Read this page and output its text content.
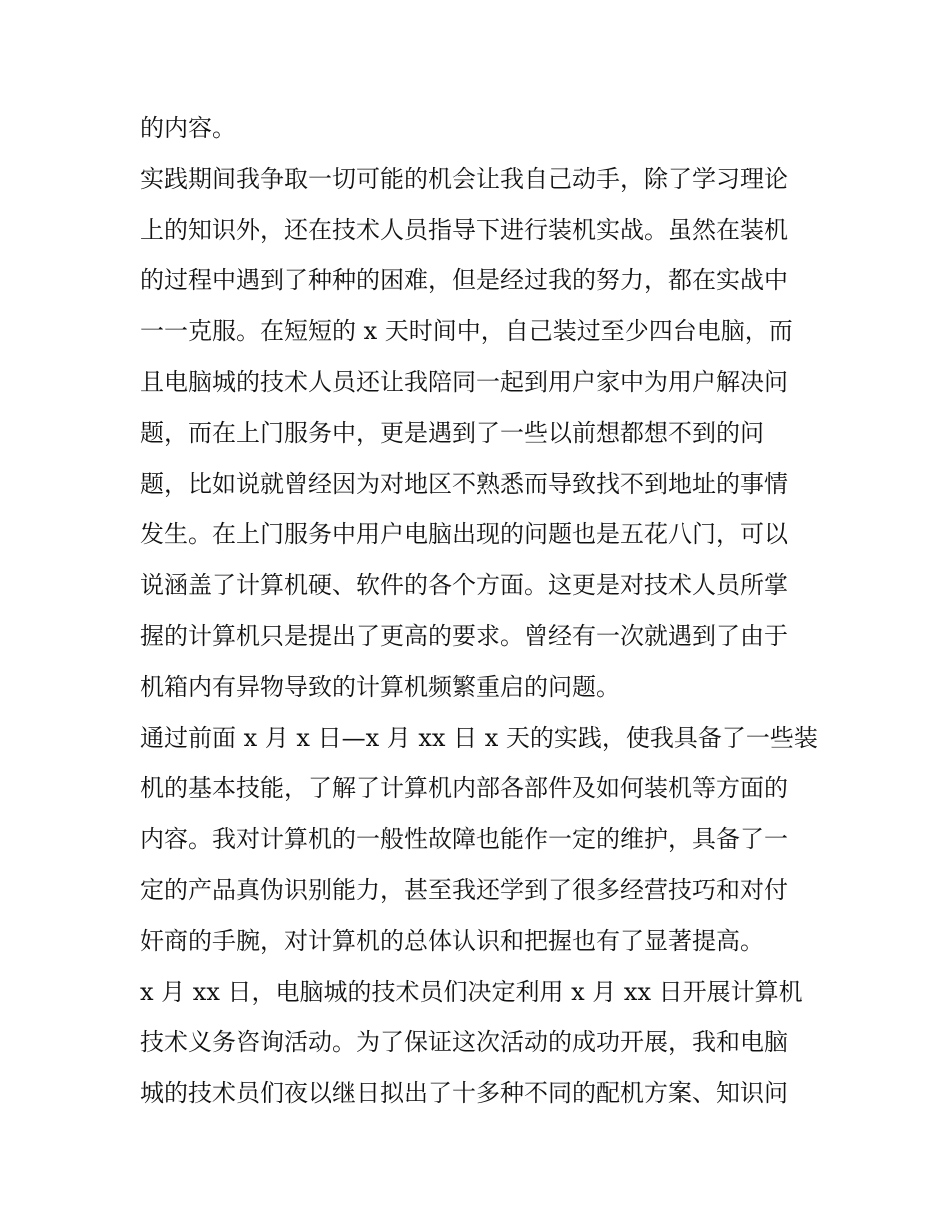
的内容。
实践期间我争取一切可能的机会让我自己动手，除了学习理论
上的知识外，还在技术人员指导下进行装机实战。虽然在装机
的过程中遇到了种种的困难，但是经过我的努力，都在实战中
一一克服。在短短的 x 天时间中，自己装过至少四台电脑，而
且电脑城的技术人员还让我陪同一起到用户家中为用户解决问
题，而在上门服务中，更是遇到了一些以前想都想不到的问
题，比如说就曾经因为对地区不熟悉而导致找不到地址的事情
发生。在上门服务中用户电脑出现的问题也是五花八门，可以
说涵盖了计算机硬、软件的各个方面。这更是对技术人员所掌
握的计算机只是提出了更高的要求。曾经有一次就遇到了由于
机箱内有异物导致的计算机频繁重启的问题。
通过前面 x 月 x 日—x 月 xx 日 x 天的实践，使我具备了一些装
机的基本技能，了解了计算机内部各部件及如何装机等方面的
内容。我对计算机的一般性故障也能作一定的维护，具备了一
定的产品真伪识别能力，甚至我还学到了很多经营技巧和对付
奸商的手腕，对计算机的总体认识和把握也有了显著提高。
x 月 xx 日，电脑城的技术员们决定利用 x 月 xx 日开展计算机
技术义务咨询活动。为了保证这次活动的成功开展，我和电脑
城的技术员们夜以继日拟出了十多种不同的配机方案、知识问
